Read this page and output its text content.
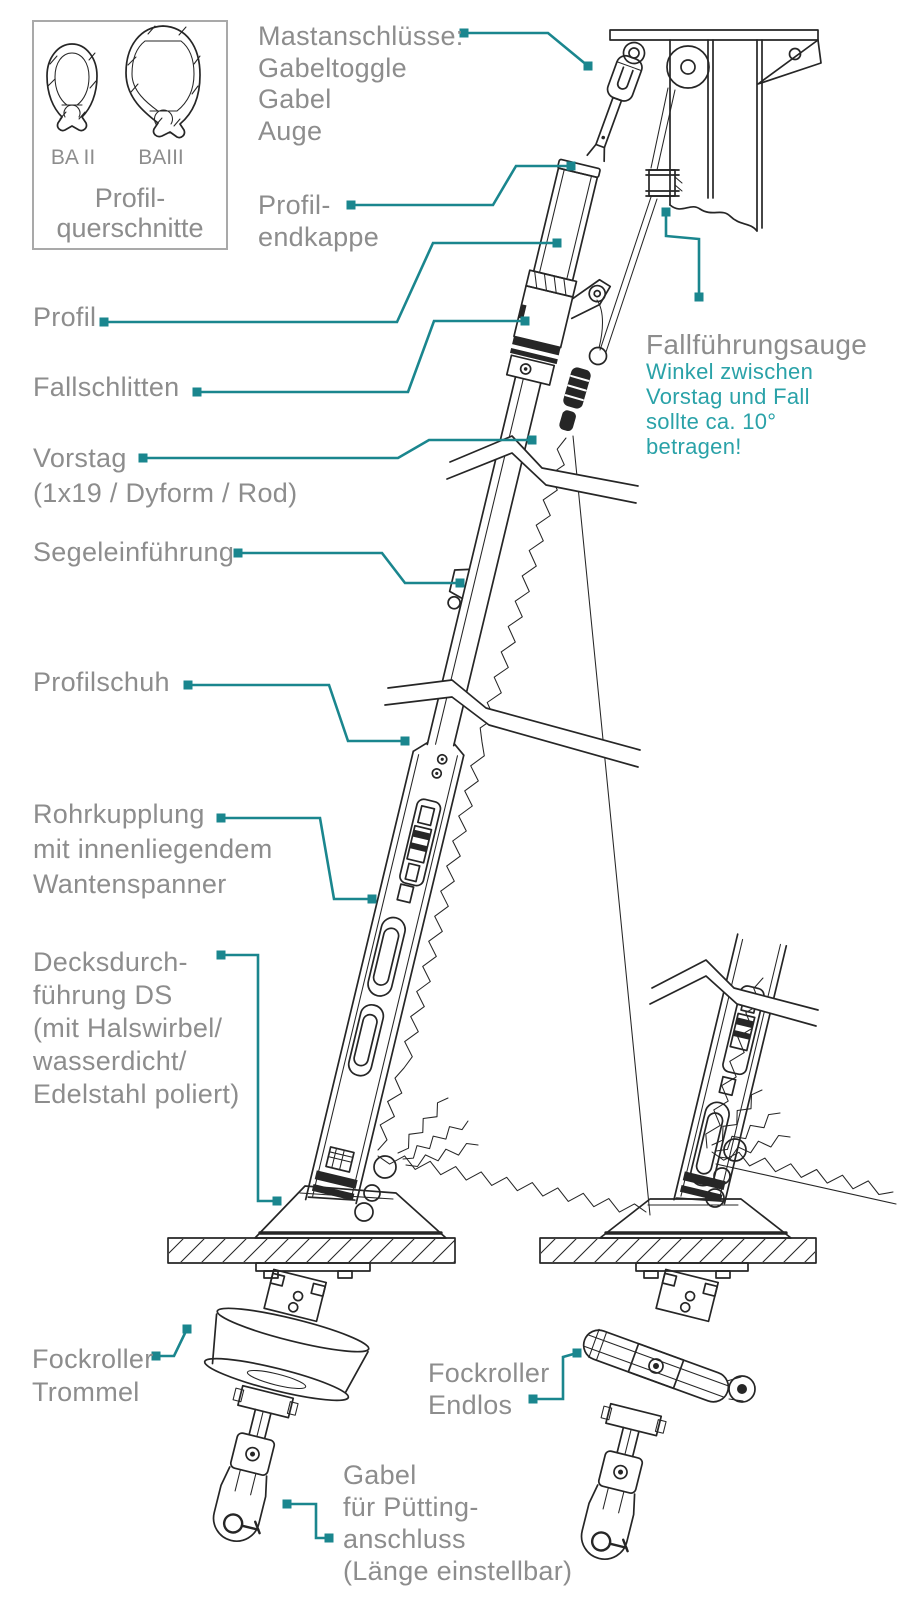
BA II	BAIII
Profil-
querschnitte
Mastanschlüsse:
Gabeltoggle
Gabel
Auge
Profil-
endkappe
Profil
Fallschlitten
Vorstag
(1x19 / Dyform / Rod)
Segeleinführung
Profilschuh
Rohrkupplung
mit innenliegendem
Wantenspanner
Decksdurch-
führung DS
(mit Halswirbel/
wasserdicht/
Edelstahl poliert)
Fockroller
Trommel
Fockroller
Endlos
Gabel
für Pütting-
anschluss
(Länge einstellbar)
Fallführungsauge
Winkel zwischen
Vorstag und Fall
sollte ca. 10°
betragen!
